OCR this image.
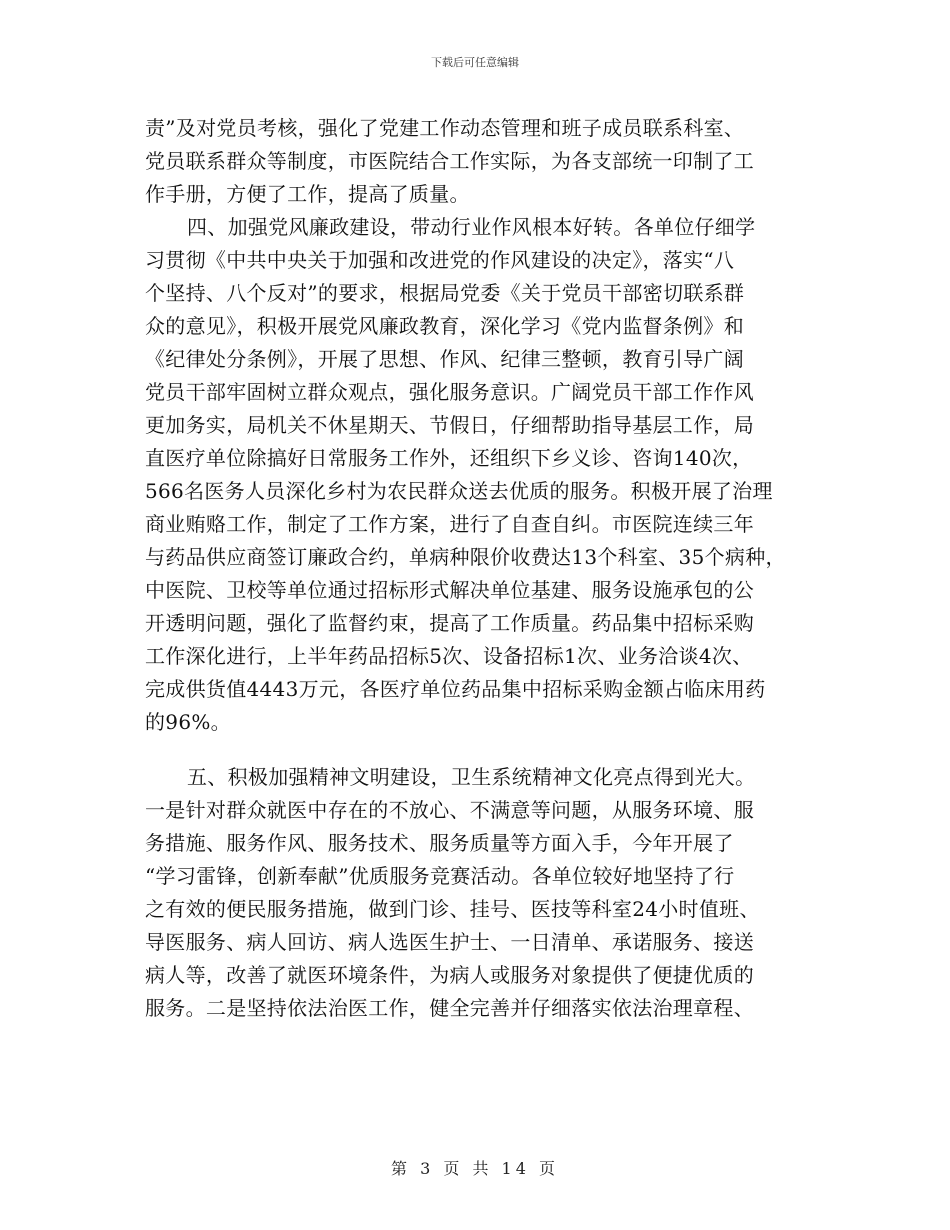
下载后可任意编辑
责”及对党员考核，强化了党建工作动态管理和班子成员联系科室、
党员联系群众等制度，市医院结合工作实际，为各支部统一印制了工
作手册，方便了工作，提高了质量。
四、加强党风廉政建设，带动行业作风根本好转。各单位仔细学
习贯彻《中共中央关于加强和改进党的作风建设的决定》，落实“八
个坚持、八个反对”的要求，根据局党委《关于党员干部密切联系群
众的意见》，积极开展党风廉政教育，深化学习《党内监督条例》和
《纪律处分条例》，开展了思想、作风、纪律三整顿，教育引导广阔
党员干部牢固树立群众观点，强化服务意识。广阔党员干部工作作风
更加务实，局机关不休星期天、节假日，仔细帮助指导基层工作，局
直医疗单位除搞好日常服务工作外，还组织下乡义诊、咨询140次，
566名医务人员深化乡村为农民群众送去优质的服务。积极开展了治理
商业贿赂工作，制定了工作方案，进行了自查自纠。市医院连续三年
与药品供应商签订廉政合约，单病种限价收费达13个科室、35个病种，
中医院、卫校等单位通过招标形式解决单位基建、服务设施承包的公
开透明问题，强化了监督约束，提高了工作质量。药品集中招标采购
工作深化进行，上半年药品招标5次、设备招标1次、业务洽谈4次、
完成供货值4443万元，各医疗单位药品集中招标采购金额占临床用药
的96%。
五、积极加强精神文明建设，卫生系统精神文化亮点得到光大。
一是针对群众就医中存在的不放心、不满意等问题，从服务环境、服
务措施、服务作风、服务技术、服务质量等方面入手，今年开展了
“学习雷锋，创新奉献”优质服务竞赛活动。各单位较好地坚持了行
之有效的便民服务措施，做到门诊、挂号、医技等科室24小时值班、
导医服务、病人回访、病人选医生护士、一日清单、承诺服务、接送
病人等，改善了就医环境条件，为病人或服务对象提供了便捷优质的
服务。二是坚持依法治医工作，健全完善并仔细落实依法治理章程、
第 3 页 共 14 页
